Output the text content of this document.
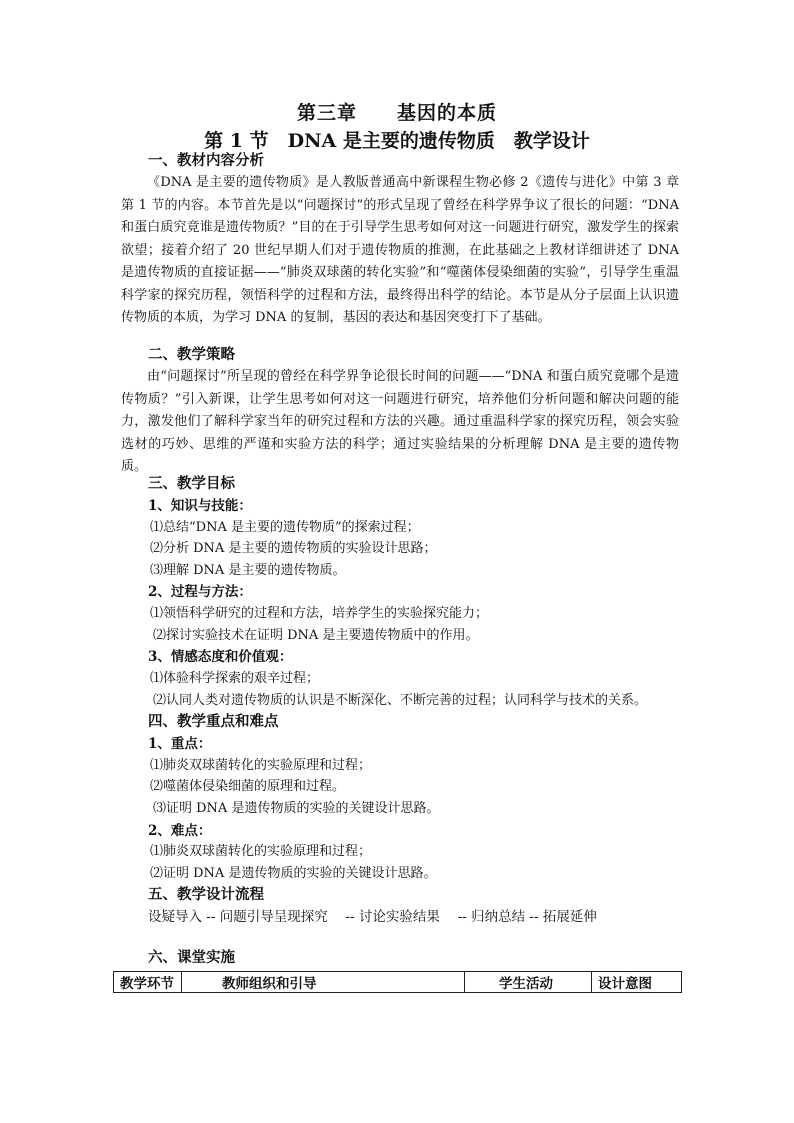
第三章　　基因的本质
第 1 节　DNA 是主要的遗传物质　教学设计
一、教材内容分析

《DNA 是主要的遗传物质》是人教版普通高中新课程生物必修 2《遗传与进化》中第 3 章第 1 节的内容。本节首先是以“问题探讨”的形式呈现了曾经在科学界争议了很长的问题：“DNA 和蛋白质究竟谁是遗传物质？”目的在于引导学生思考如何对这一问题进行研究，激发学生的探索欲望；接着介绍了 20 世纪早期人们对于遗传物质的推测，在此基础之上教材详细讲述了 DNA 是遗传物质的直接证据——“肺炎双球菌的转化实验”和“噬菌体侵染细菌的实验”，引导学生重温科学家的探究历程，领悟科学的过程和方法，最终得出科学的结论。本节是从分子层面上认识遗传物质的本质，为学习 DNA 的复制，基因的表达和基因突变打下了基础。

二、教学策略

由“问题探讨”所呈现的曾经在科学界争论很长时间的问题——“DNA 和蛋白质究竟哪个是遗传物质？”引入新课，让学生思考如何对这一问题进行研究，培养他们分析问题和解决问题的能力，激发他们了解科学家当年的研究过程和方法的兴趣。通过重温科学家的探究历程，领会实验选材的巧妙、思维的严谨和实验方法的科学；通过实验结果的分析理解 DNA 是主要的遗传物质。

三、教学目标
1、知识与技能：
⑴总结“DNA 是主要的遗传物质”的探索过程；
⑵分析 DNA 是主要的遗传物质的实验设计思路；
⑶理解 DNA 是主要的遗传物质。
2、过程与方法：
⑴领悟科学研究的过程和方法，培养学生的实验探究能力；
⑵探讨实验技术在证明 DNA 是主要遗传物质中的作用。
3、情感态度和价值观：
⑴体验科学探索的艰辛过程；
⑵认同人类对遗传物质的认识是不断深化、不断完善的过程；认同科学与技术的关系。
四、教学重点和难点
1、重点：
⑴肺炎双球菌转化的实验原理和过程；
⑵噬菌体侵染细菌的原理和过程。
⑶证明 DNA 是遗传物质的实验的关键设计思路。
2、难点：
⑴肺炎双球菌转化的实验原理和过程；
⑵证明 DNA 是遗传物质的实验的关键设计思路。
五、教学设计流程
设疑导入 -- 问题引导呈现探究　 -- 讨论实验结果　 -- 归纳总结 -- 拓展延伸
六、课堂实施
教学环节	教师组织和引导	学生活动	设计意图
